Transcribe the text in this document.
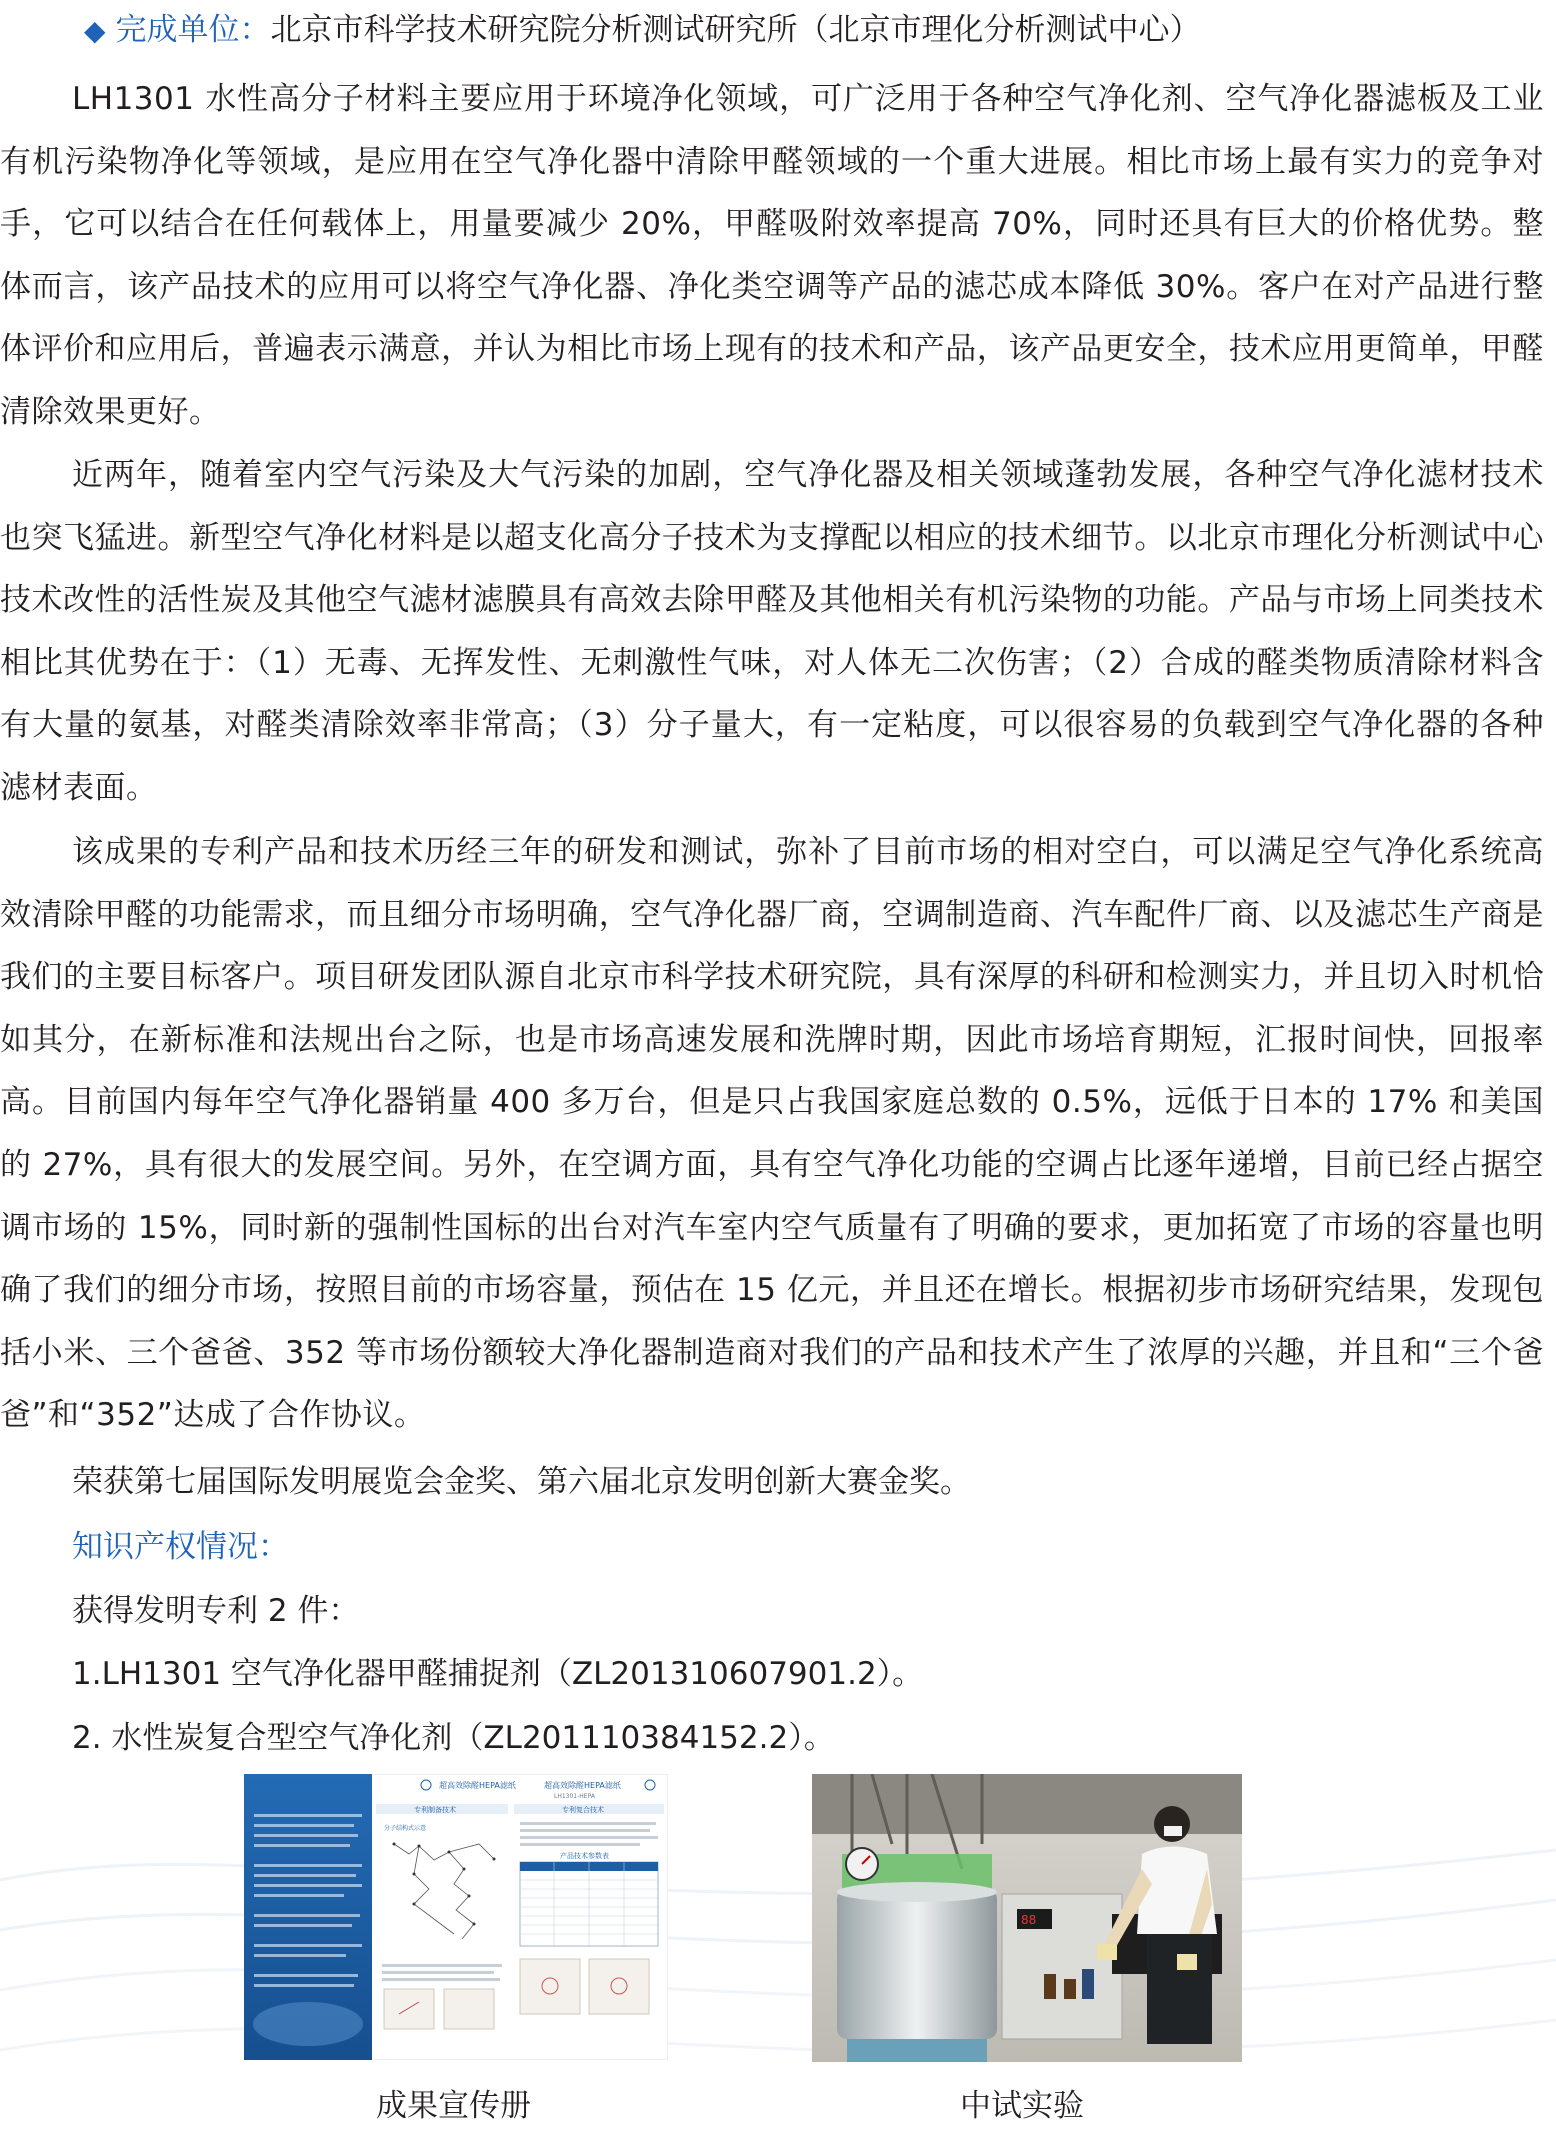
◆ 完成单位：北京市科学技术研究院分析测试研究所（北京市理化分析测试中心）

LH1301 水性高分子材料主要应用于环境净化领域，可广泛用于各种空气净化剂、空气净化器滤板及工业有机污染物净化等领域，是应用在空气净化器中清除甲醛领域的一个重大进展。相比市场上最有实力的竞争对手，它可以结合在任何载体上，用量要减少 20%，甲醛吸附效率提高 70%，同时还具有巨大的价格优势。整体而言，该产品技术的应用可以将空气净化器、净化类空调等产品的滤芯成本降低 30%。客户在对产品进行整体评价和应用后，普遍表示满意，并认为相比市场上现有的技术和产品，该产品更安全，技术应用更简单，甲醛清除效果更好。

近两年，随着室内空气污染及大气污染的加剧，空气净化器及相关领域蓬勃发展，各种空气净化滤材技术也突飞猛进。新型空气净化材料是以超支化高分子技术为支撑配以相应的技术细节。以北京市理化分析测试中心技术改性的活性炭及其他空气滤材滤膜具有高效去除甲醛及其他相关有机污染物的功能。产品与市场上同类技术相比其优势在于：（1）无毒、无挥发性、无刺激性气味，对人体无二次伤害；（2）合成的醛类物质清除材料含有大量的氨基，对醛类清除效率非常高；（3）分子量大，有一定粘度，可以很容易的负载到空气净化器的各种滤材表面。

该成果的专利产品和技术历经三年的研发和测试，弥补了目前市场的相对空白，可以满足空气净化系统高效清除甲醛的功能需求，而且细分市场明确，空气净化器厂商，空调制造商、汽车配件厂商、以及滤芯生产商是我们的主要目标客户。项目研发团队源自北京市科学技术研究院，具有深厚的科研和检测实力，并且切入时机恰如其分，在新标准和法规出台之际，也是市场高速发展和洗牌时期，因此市场培育期短，汇报时间快，回报率高。目前国内每年空气净化器销量 400 多万台，但是只占我国家庭总数的 0.5%，远低于日本的 17% 和美国的 27%，具有很大的发展空间。另外，在空调方面，具有空气净化功能的空调占比逐年递增，目前已经占据空调市场的 15%，同时新的强制性国标的出台对汽车室内空气质量有了明确的要求，更加拓宽了市场的容量也明确了我们的细分市场，按照目前的市场容量，预估在 15 亿元，并且还在增长。根据初步市场研究结果，发现包括小米、三个爸爸、352 等市场份额较大净化器制造商对我们的产品和技术产生了浓厚的兴趣，并且和“三个爸爸”和“352”达成了合作协议。

荣获第七届国际发明展览会金奖、第六届北京发明创新大赛金奖。
知识产权情况：
获得发明专利 2 件：
1.LH1301 空气净化器甲醛捕捉剂（ZL201310607901.2）。
2. 水性炭复合型空气净化剂（ZL201110384152.2）。
超高效除醛HEPA滤纸	超高效除醛HEPA滤纸
LH1301-HEPA
专利制备技术
分子结构式示意
专利复合技术
产品技术参数表
成果宣传册
88
中试实验
